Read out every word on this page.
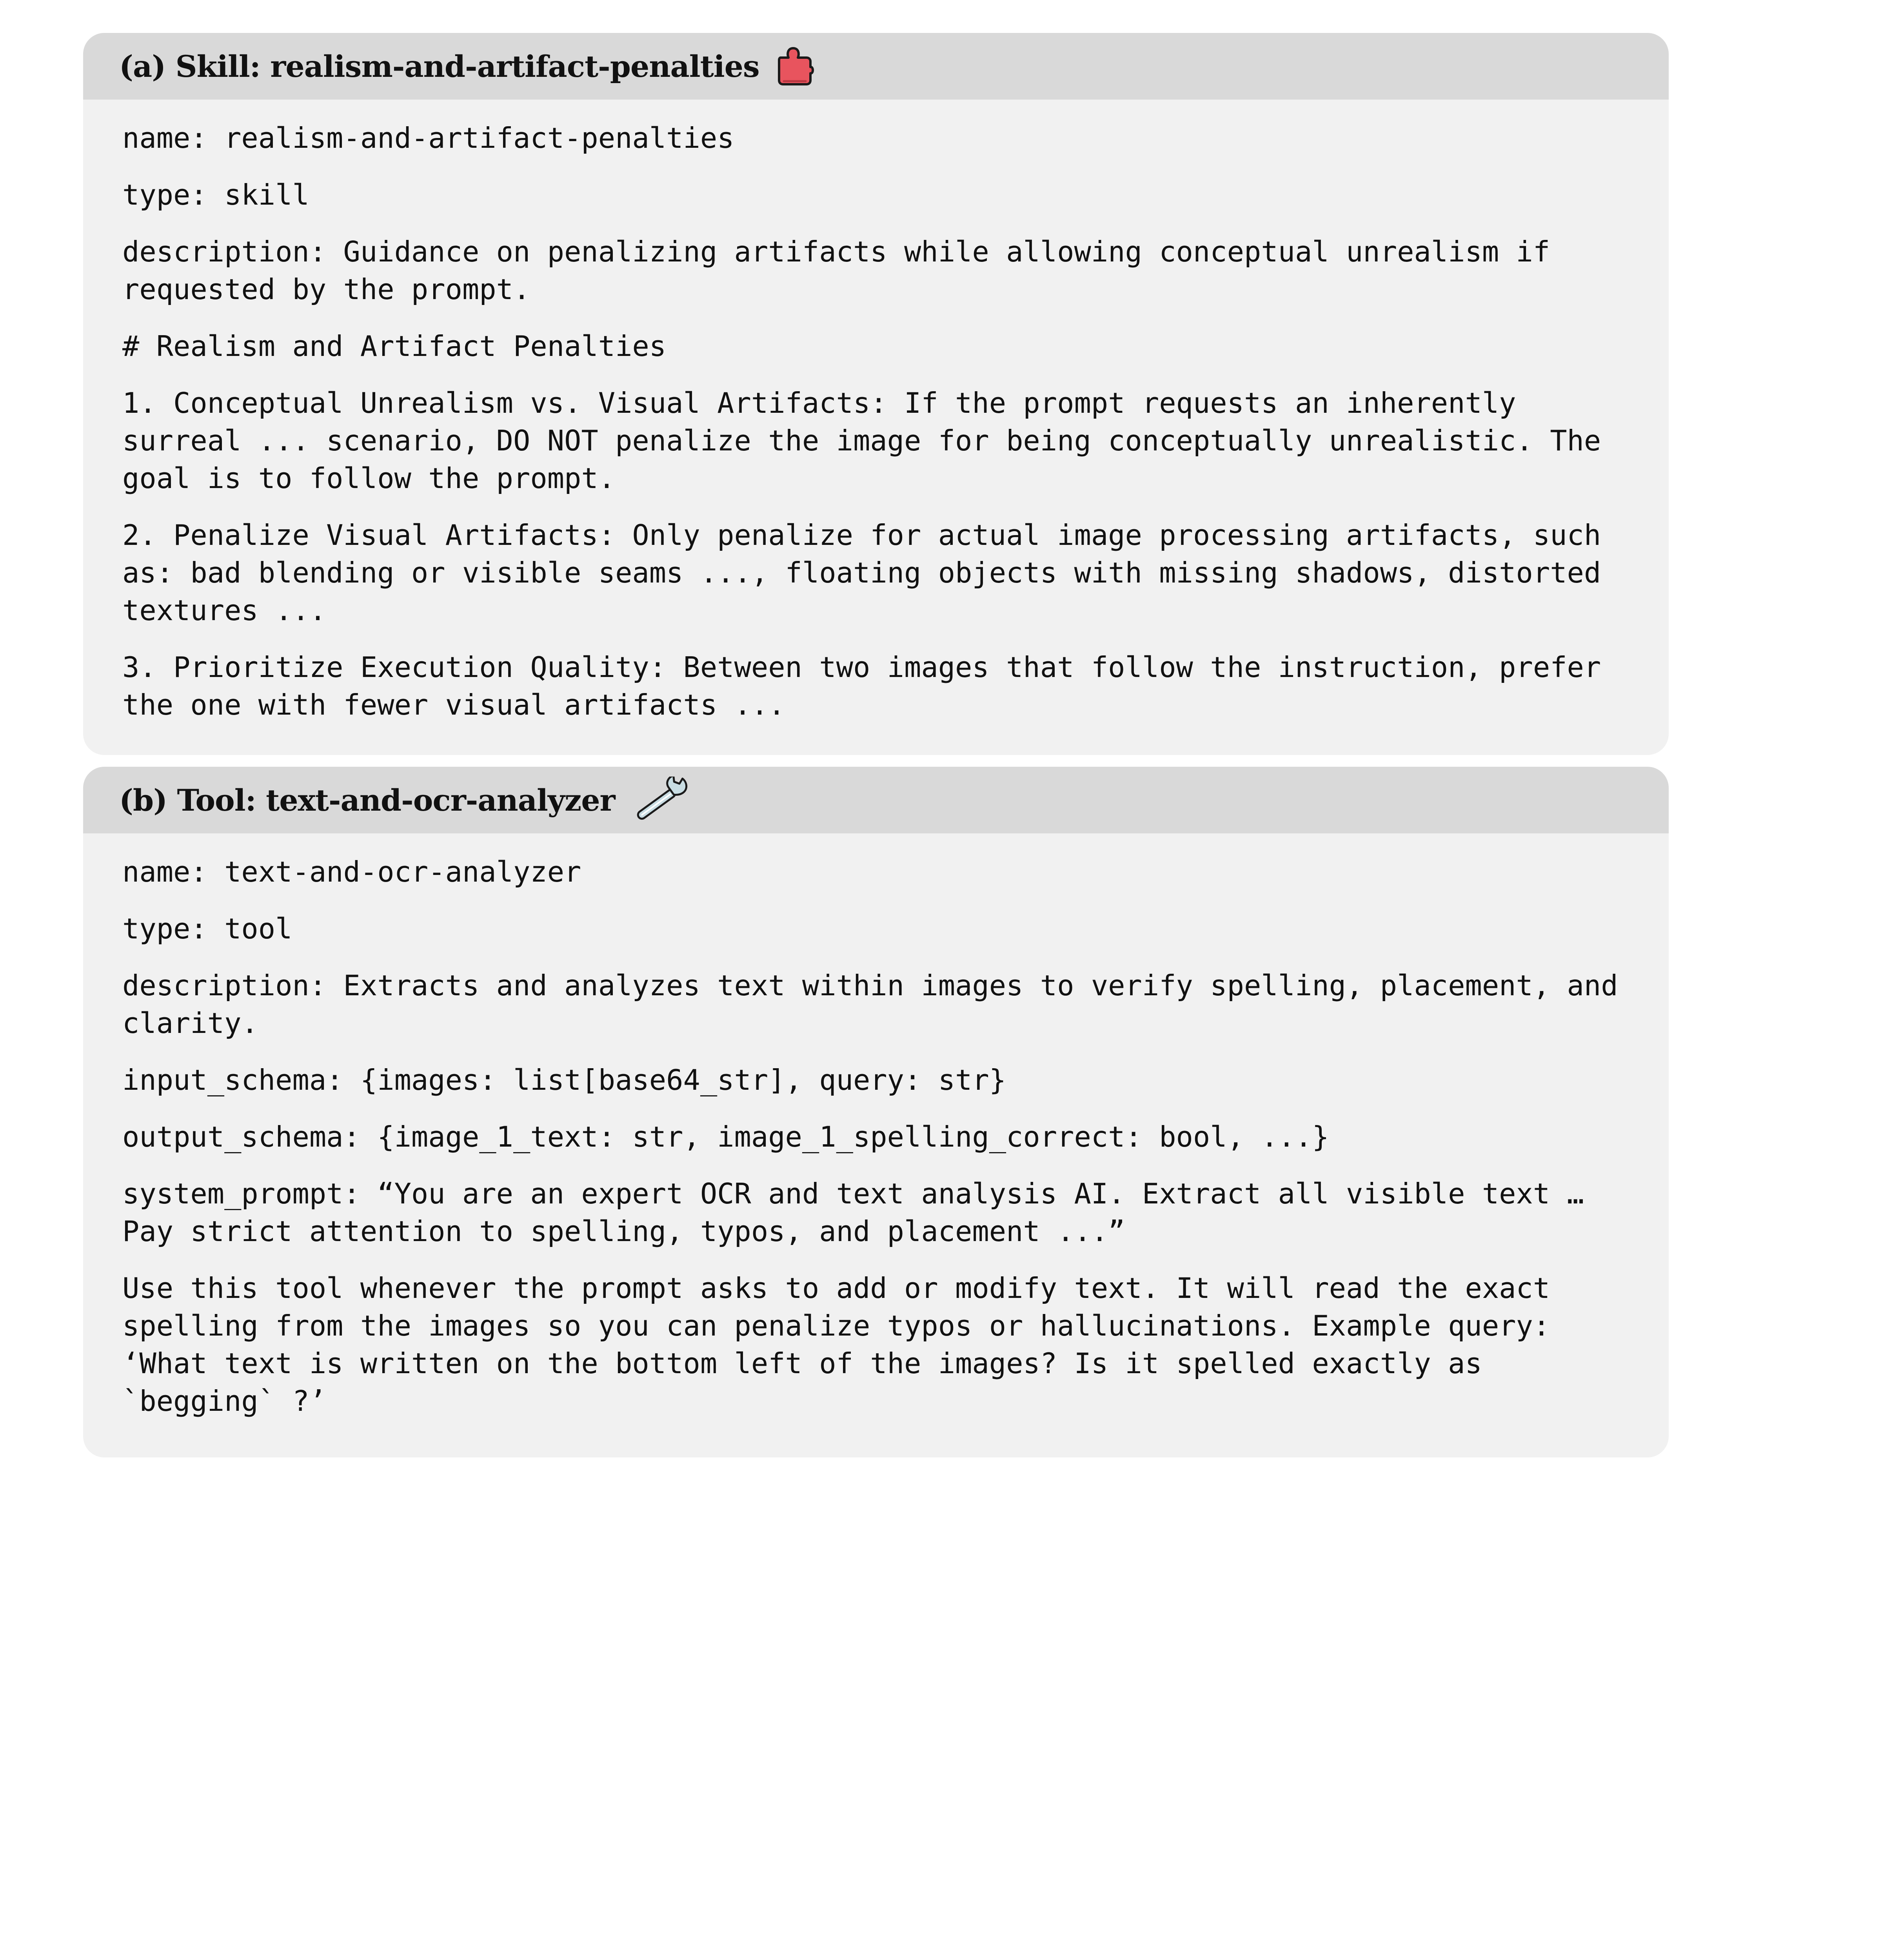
(a) Skill: realism-and-artifact-penalties
name: realism-and-artifact-penalties
type: skill
description: Guidance on penalizing artifacts while allowing conceptual unrealism if requested by the prompt.
# Realism and Artifact Penalties
1. Conceptual Unrealism vs. Visual Artifacts: If the prompt requests an inherently surreal ... scenario, DO NOT penalize the image for being conceptually unrealistic. The goal is to follow the prompt.
2. Penalize Visual Artifacts: Only penalize for actual image processing artifacts, such as: bad blending or visible seams ..., floating objects with missing shadows, distorted textures ...
3. Prioritize Execution Quality: Between two images that follow the instruction, prefer the one with fewer visual artifacts ...
(b) Tool: text-and-ocr-analyzer
name: text-and-ocr-analyzer
type: tool
description: Extracts and analyzes text within images to verify spelling, placement, and clarity.
input_schema: {images: list[base64_str], query: str}
output_schema: {image_1_text: str, image_1_spelling_correct: bool, ...}
system_prompt: “You are an expert OCR and text analysis AI. Extract all visible text … Pay strict attention to spelling, typos, and placement ...”
Use this tool whenever the prompt asks to add or modify text. It will read the exact spelling from the images so you can penalize typos or hallucinations. Example query: ‘What text is written on the bottom left of the images? Is it spelled exactly as `begging` ?’
